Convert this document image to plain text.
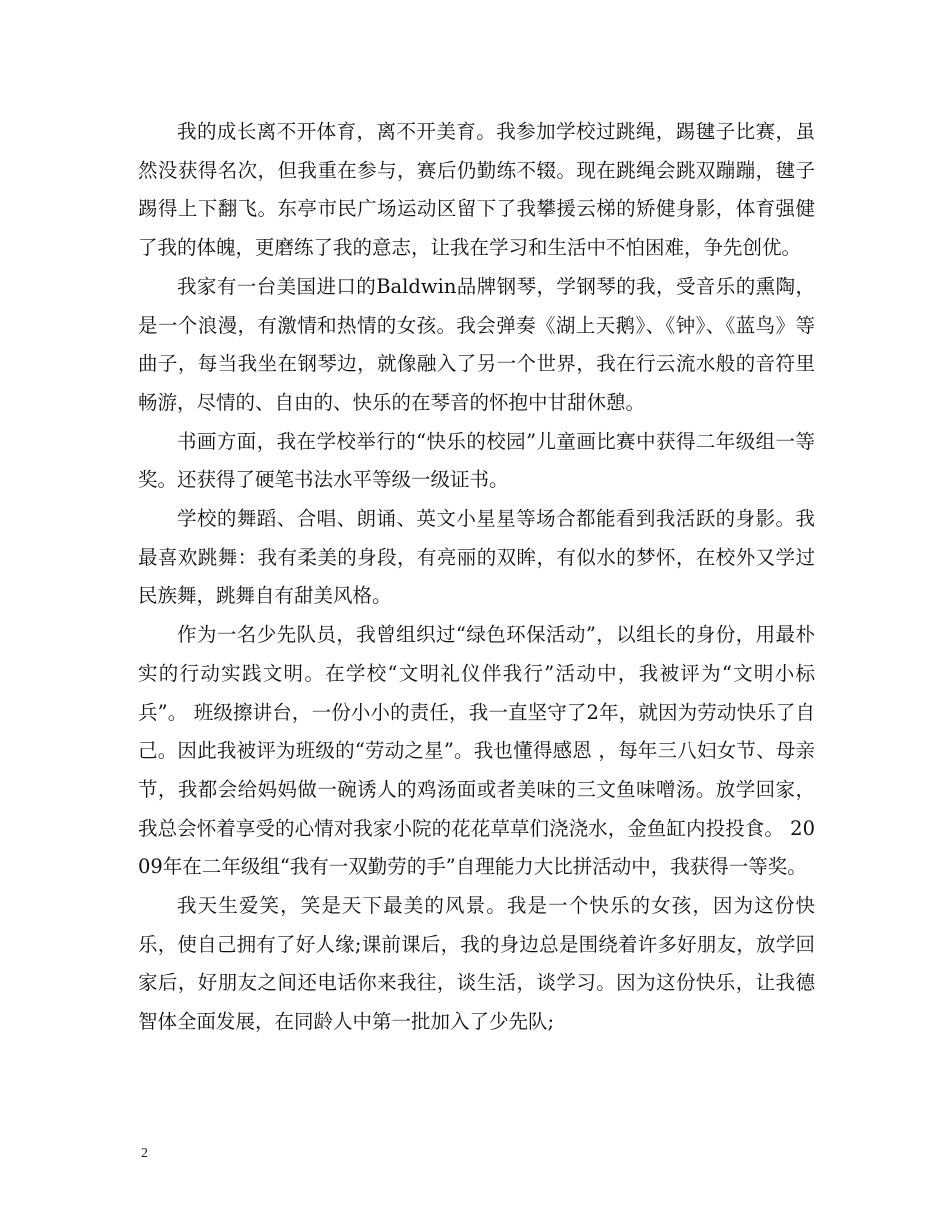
我的成长离不开体育，离不开美育。我参加学校过跳绳，踢毽子比赛，虽然没获得名次，但我重在参与，赛后仍勤练不辍。现在跳绳会跳双蹦蹦，毽子踢得上下翻飞。东亭市民广场运动区留下了我攀援云梯的矫健身影，体育强健了我的体魄，更磨练了我的意志，让我在学习和生活中不怕困难，争先创优。

我家有一台美国进口的Baldwin品牌钢琴，学钢琴的我，受音乐的熏陶，是一个浪漫，有激情和热情的女孩。我会弹奏《湖上天鹅》、《钟》、《蓝鸟》等曲子，每当我坐在钢琴边，就像融入了另一个世界，我在行云流水般的音符里畅游，尽情的、自由的、快乐的在琴音的怀抱中甘甜休憩。

书画方面，我在学校举行的“快乐的校园”儿童画比赛中获得二年级组一等奖。还获得了硬笔书法水平等级一级证书。

学校的舞蹈、合唱、朗诵、英文小星星等场合都能看到我活跃的身影。我最喜欢跳舞：我有柔美的身段，有亮丽的双眸，有似水的梦怀，在校外又学过民族舞，跳舞自有甜美风格。

作为一名少先队员，我曾组织过“绿色环保活动”，以组长的身份，用最朴实的行动实践文明。在学校“文明礼仪伴我行”活动中，我被评为“文明小标兵”。 班级擦讲台，一份小小的责任，我一直坚守了2年，就因为劳动快乐了自己。因此我被评为班级的“劳动之星”。我也懂得感恩 ，每年三八妇女节、母亲节，我都会给妈妈做一碗诱人的鸡汤面或者美味的三文鱼味噌汤。放学回家，我总会怀着享受的心情对我家小院的花花草草们浇浇水，金鱼缸内投投食。 2009年在二年级组“我有一双勤劳的手”自理能力大比拼活动中，我获得一等奖。

我天生爱笑，笑是天下最美的风景。我是一个快乐的女孩，因为这份快乐，使自己拥有了好人缘;课前课后，我的身边总是围绕着许多好朋友，放学回家后，好朋友之间还电话你来我往，谈生活，谈学习。因为这份快乐，让我德智体全面发展，在同龄人中第一批加入了少先队;

2
